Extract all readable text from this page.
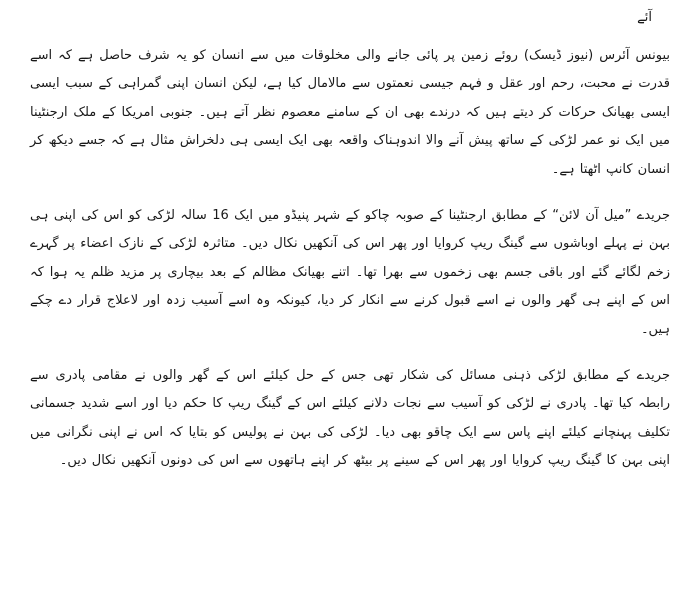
آئے

بیونس آئرس (نیوز ڈیسک) روئے زمین پر پائی جانے والی مخلوقات میں سے انسان کو یہ شرف حاصل ہے کہ اسے قدرت نے محبت، رحم اور عقل و فہم جیسی نعمتوں سے مالامال کیا ہے، لیکن انسان اپنی گمراہی کے سبب ایسی ایسی بھیانک حرکات کر دیتے ہیں کہ درندے بھی ان کے سامنے معصوم نظر آتے ہیں۔ جنوبی امریکا کے ملک ارجنٹینا میں ایک نو عمر لڑکی کے ساتھ پیش آنے والا اندوہناک واقعہ بھی ایک ایسی ہی دلخراش مثال ہے کہ جسے دیکھ کر انسان کانپ اٹھتا ہے۔

جریدے ”میل آن لائن“ کے مطابق ارجنٹینا کے صوبہ چاکو کے شہر پنیڈو میں ایک 16 سالہ لڑکی کو اس کی اپنی ہی بہن نے پہلے اوباشوں سے گینگ ریپ کروایا اور پھر اس کی آنکھیں نکال دیں۔ متاثرہ لڑکی کے نازک اعضاء پر گہرے زخم لگائے گئے اور باقی جسم بھی زخموں سے بھرا تھا۔ اتنے بھیانک مظالم کے بعد بیچاری پر مزید ظلم یہ ہوا کہ اس کے اپنے ہی گھر والوں نے اسے قبول کرنے سے انکار کر دیا، کیونکہ وہ اسے آسیب زدہ اور لاعلاج قرار دے چکے ہیں۔

جریدے کے مطابق لڑکی ذہنی مسائل کی شکار تھی جس کے حل کیلئے اس کے گھر والوں نے مقامی پادری سے رابطہ کیا تھا۔ پادری نے لڑکی کو آسیب سے نجات دلانے کیلئے اس کے گینگ ریپ کا حکم دیا اور اسے شدید جسمانی تکلیف پہنچانے کیلئے اپنے پاس سے ایک چاقو بھی دیا۔ لڑکی کی بہن نے پولیس کو بتایا کہ اس نے اپنی نگرانی میں اپنی بہن کا گینگ ریپ کروایا اور پھر اس کے سینے پر بیٹھ کر اپنے ہاتھوں سے اس کی دونوں آنکھیں نکال دیں۔
